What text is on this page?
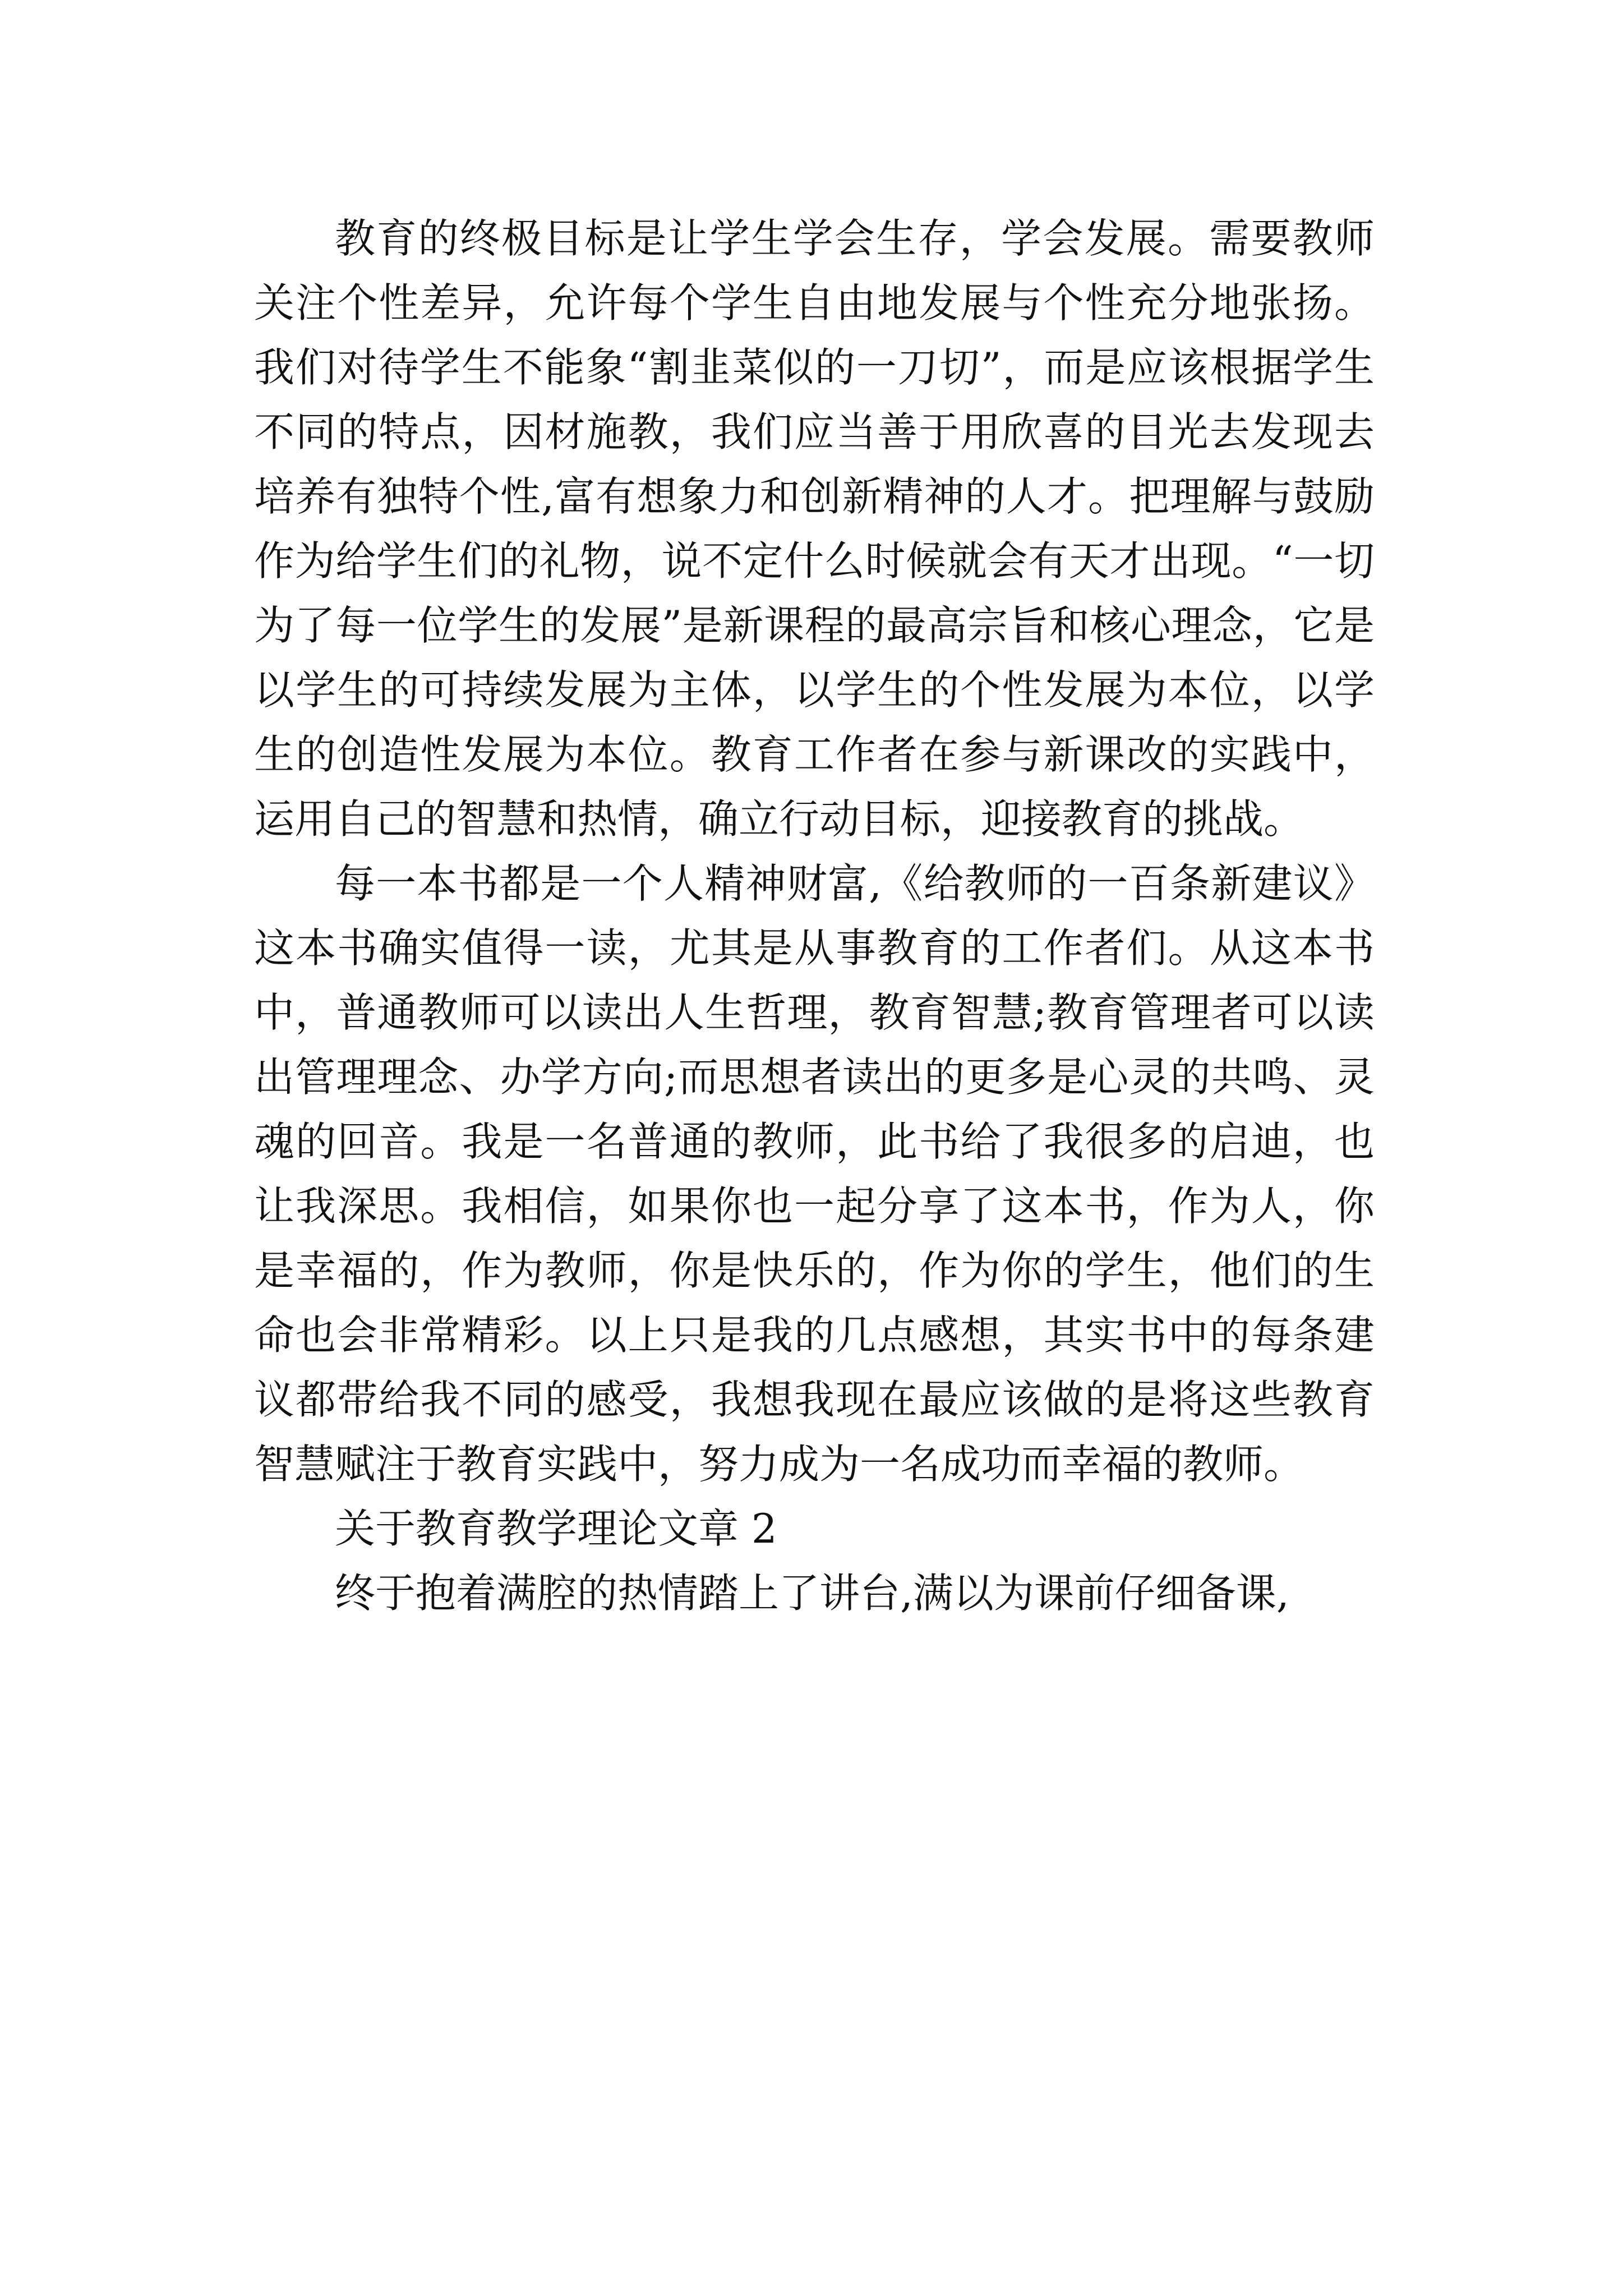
教育的终极目标是让学生学会生存，学会发展。需要教师关注个性差异，允许每个学生自由地发展与个性充分地张扬。我们对待学生不能象“割韭菜似的一刀切”，而是应该根据学生不同的特点，因材施教，我们应当善于用欣喜的目光去发现去培养有独特个性,富有想象力和创新精神的人才。把理解与鼓励作为给学生们的礼物，说不定什么时候就会有天才出现。“一切为了每一位学生的发展”是新课程的最高宗旨和核心理念，它是以学生的可持续发展为主体，以学生的个性发展为本位，以学生的创造性发展为本位。教育工作者在参与新课改的实践中，运用自己的智慧和热情，确立行动目标，迎接教育的挑战。

每一本书都是一个人精神财富,《给教师的一百条新建议》这本书确实值得一读，尤其是从事教育的工作者们。从这本书中，普通教师可以读出人生哲理，教育智慧;教育管理者可以读出管理理念、办学方向;而思想者读出的更多是心灵的共鸣、灵魂的回音。我是一名普通的教师，此书给了我很多的启迪，也让我深思。我相信，如果你也一起分享了这本书，作为人，你是幸福的，作为教师，你是快乐的，作为你的学生，他们的生命也会非常精彩。以上只是我的几点感想，其实书中的每条建议都带给我不同的感受，我想我现在最应该做的是将这些教育智慧赋注于教育实践中，努力成为一名成功而幸福的教师。

关于教育教学理论文章 2

终于抱着满腔的热情踏上了讲台,满以为课前仔细备课,
